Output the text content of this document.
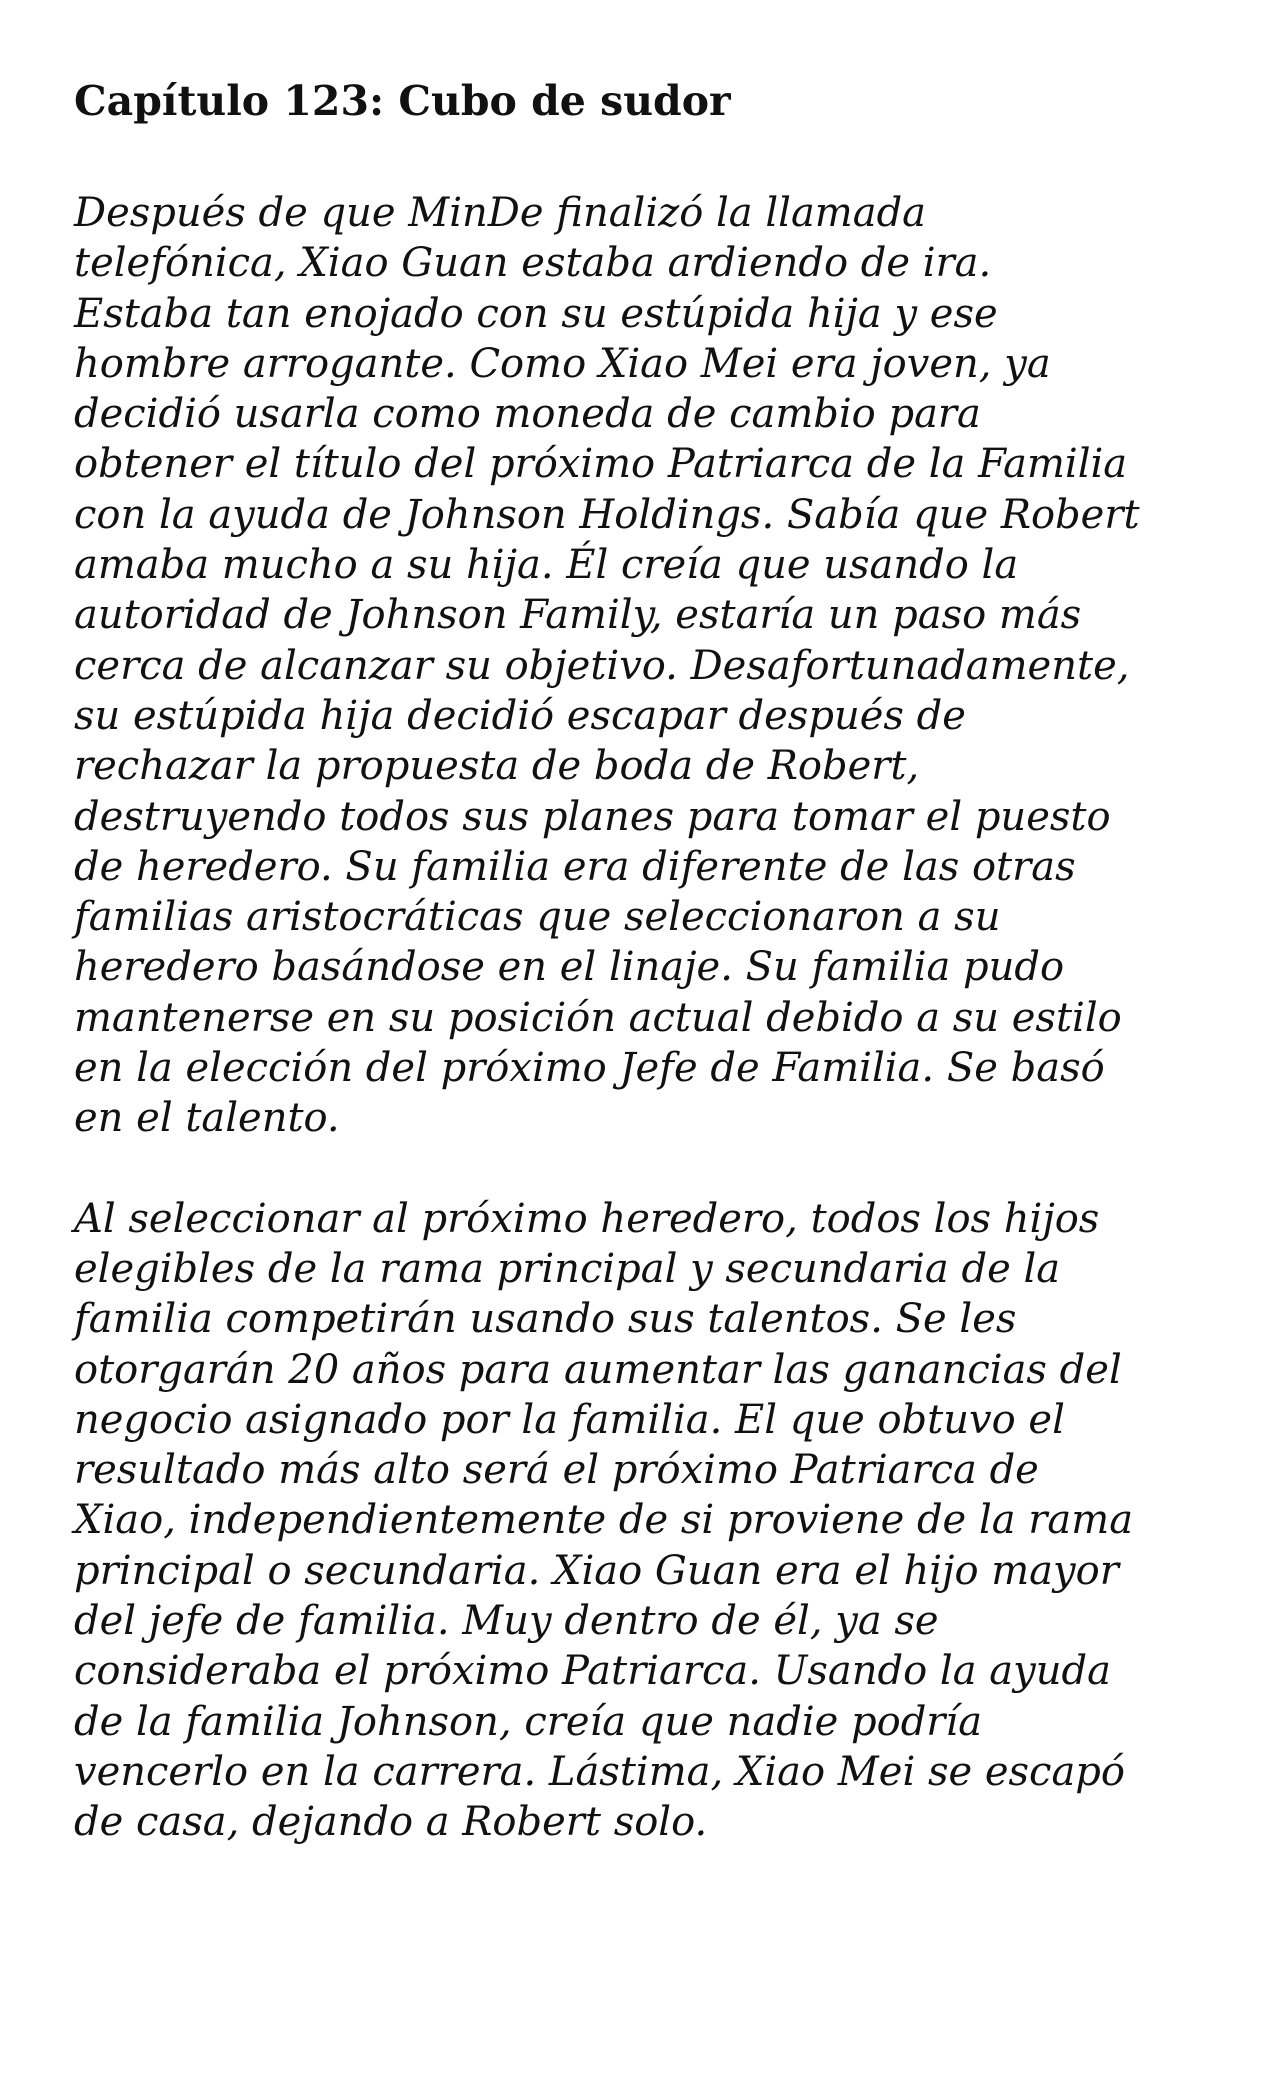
Capítulo 123: Cubo de sudor

Después de que MinDe finalizó la llamada
telefónica, Xiao Guan estaba ardiendo de ira.
Estaba tan enojado con su estúpida hija y ese
hombre arrogante. Como Xiao Mei era joven, ya
decidió usarla como moneda de cambio para
obtener el título del próximo Patriarca de la Familia
con la ayuda de Johnson Holdings. Sabía que Robert
amaba mucho a su hija. Él creía que usando la
autoridad de Johnson Family, estaría un paso más
cerca de alcanzar su objetivo. Desafortunadamente,
su estúpida hija decidió escapar después de
rechazar la propuesta de boda de Robert,
destruyendo todos sus planes para tomar el puesto
de heredero. Su familia era diferente de las otras
familias aristocráticas que seleccionaron a su
heredero basándose en el linaje. Su familia pudo
mantenerse en su posición actual debido a su estilo
en la elección del próximo Jefe de Familia. Se basó
en el talento.

Al seleccionar al próximo heredero, todos los hijos
elegibles de la rama principal y secundaria de la
familia competirán usando sus talentos. Se les
otorgarán 20 años para aumentar las ganancias del
negocio asignado por la familia. El que obtuvo el
resultado más alto será el próximo Patriarca de
Xiao, independientemente de si proviene de la rama
principal o secundaria. Xiao Guan era el hijo mayor
del jefe de familia. Muy dentro de él, ya se
consideraba el próximo Patriarca. Usando la ayuda
de la familia Johnson, creía que nadie podría
vencerlo en la carrera. Lástima, Xiao Mei se escapó
de casa, dejando a Robert solo.
